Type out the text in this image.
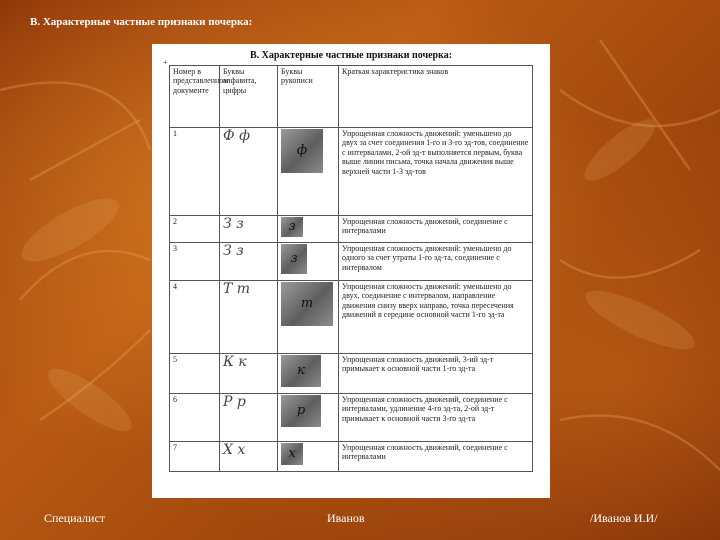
В. Характерные частные признаки почерка:
В. Характерные частные признаки почерка:
+
Номер в представленном документе	Буквы алфавита, цифры	Буквы рукописи	Краткая характеристика знаков
1	Ф ф	ф	Упрощенная сложность движений: уменьшено до двух за счет соединения 1-го и 3-го эд-тов, соединение с интервалами, 2-ой эд-т выполняется первым, буква выше линии письма, точка начала движения выше верхней части 1-3 эд-тов
2	З з	з	Упрощенная сложность движений, соединение с интервалами
3	З з	з	Упрощенная сложность движений: уменьшено до одного за счет утраты 1-го эд-та, соединение с интервалом
4	Т т	т	Упрощенная сложность движений: уменьшено до двух, соединение с интервалом, направление движения снизу вверх направо, точка пересечения движений в середине основной части 1-го эд-та
5	К к	к	Упрощенная сложность движений, 3-ий эд-т примыкает к основной части 1-го эд-та
6	Р р	р	Упрощенная сложность движений, соединение с интервалами, удлинение 4-го эд-та, 2-ой эд-т примыкает к основной части 3-го эд-та
7	Х х	х	Упрощенная сложность движений, соединение с интервалами
Специалист	Иванов	/Иванов И.И/
